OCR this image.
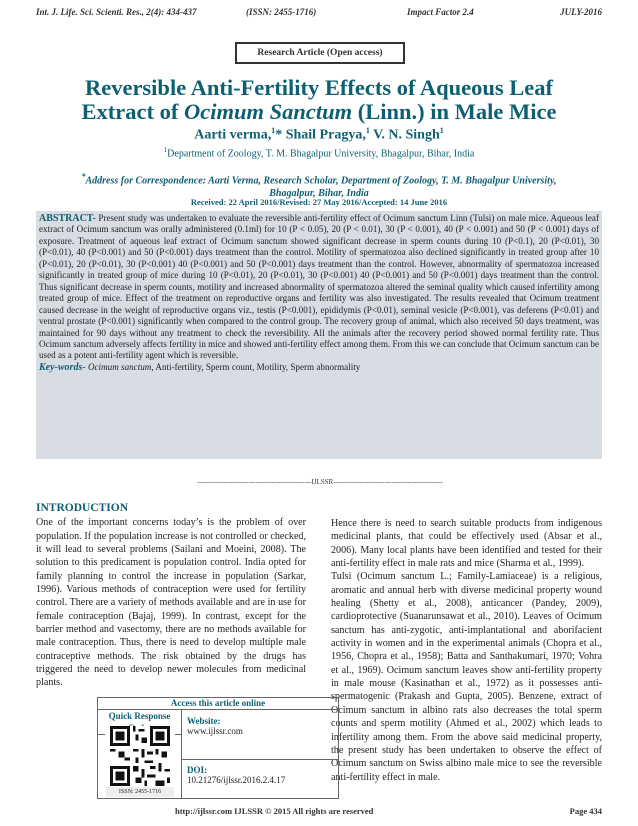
Int. J. Life. Sci. Scienti. Res., 2(4): 434-437	(ISSN: 2455-1716)	Impact Factor 2.4	JULY-2016
Research Article (Open access)
Reversible Anti-Fertility Effects of Aqueous Leaf
Extract of Ocimum Sanctum (Linn.) in Male Mice
Aarti verma,$^1$* Shail Pragya,$^1$ V. N. Singh$^1$
$^1$Department of Zoology, T. M. Bhagalpur University, Bhagalpur, Bihar, India
*Address for Correspondence: Aarti Verma, Research Scholar, Department of Zoology, T. M. Bhagalpur University,
Bhagalpur, Bihar, India
Received: 22 April 2016/Revised: 27 May 2016/Accepted: 14 June 2016
ABSTRACT- Present study was undertaken to evaluate the reversible anti-fertility effect of Ocimum sanctum Linn (Tulsi) on male mice. Aqueous leaf extract of Ocimum sanctum was orally administered (0.1ml) for 10 (P < 0.05), 20 (P < 0.01), 30 (P < 0.001), 40 (P < 0.001) and 50 (P < 0.001) days of exposure. Treatment of aqueous leaf extract of Ocimum sanctum showed significant decrease in sperm counts during 10 (P<0.1), 20 (P<0.01), 30 (P<0.01), 40 (P<0.001) and 50 (P<0.001) days treatment than the control. Motility of spermatozoa also declined significantly in treated group after 10 (P<0.01), 20 (P<0.01), 30 (P<0.001) 40 (P<0.001) and 50 (P<0.001) days treatment than the control. However, abnormality of spermatozoa increased significantly in treated group of mice during 10 (P<0.01), 20 (P<0.01), 30 (P<0.001) 40 (P<0.001) and 50 (P<0.001) days treatment than the control. Thus significant decrease in sperm counts, motility and increased abnormality of spermatozoa altered the seminal quality which caused infertility among treated group of mice. Effect of the treatment on reproductive organs and fertility was also investigated. The results revealed that Ocimum treatment caused decrease in the weight of reproductive organs viz., testis (P<0.001), epididymis (P<0.01), seminal vesicle (P<0.001), vas deferens (P<0.01) and ventral prostate (P<0.001) significantly when compared to the control group. The recovery group of animal, which also received 50 days treatment, was maintained for 90 days without any treatment to check the reversibility. All the animals after the recovery period showed normal fertility rate. Thus Ocimum sanctum adversely affects fertility in mice and showed anti-fertility effect among them. From this we can conclude that Ocimum sanctum can be used as a potent anti-fertility agent which is reversible.
Key-words- Ocimum sanctum, Anti-fertility, Sperm count, Motility, Sperm abnormality
-------------------------------------------------IJLSSR-----------------------------------------------
INTRODUCTION
One of the important concerns today’s is the problem of over population. If the population increase is not controlled or checked, it will lead to several problems (Sailani and Moeini, 2008). The solution to this predicament is population control. India opted for family planning to control the increase in population (Sarkar, 1996). Various methods of contraception were used for fertility control. There are a variety of methods available and are in use for female contraception (Bajaj, 1999). In contrast, except for the barrier method and vasectomy, there are no methods available for male contraception. Thus, there is need to develop multiple male contraceptive methods. The risk obtained by the drugs has triggered the need to develop newer molecules from medicinal plants.
Hence there is need to search suitable products from indigenous medicinal plants, that could be effectively used (Absar et al., 2006). Many local plants have been identified and tested for their anti-fertility effect in male rats and mice (Sharma et al., 1999).
Tulsi (Ocimum sanctum L.; Family-Lamiaceae) is a religious, aromatic and annual herb with diverse medicinal property wound healing (Shetty et al., 2008), anticancer (Pandey, 2009), cardioprotective (Suanarunsawat et al., 2010). Leaves of Ocimum sanctum has anti-zygotic, anti-implantational and aborifacient activity in women and in the experimental animals (Chopra et al., 1956, Chopra et al., 1958); Batta and Santhakumari, 1970; Vohra et al., 1969). Ocimum sanctum leaves show anti-fertility property in male mouse (Kasinathan et al., 1972) as it possesses anti-spermatogenic (Prakash and Gupta, 2005). Benzene, extract of Ocimum sanctum in albino rats also decreases the total sperm counts and sperm motility (Ahmed et al., 2002) which leads to infertility among them. From the above said medicinal property, the present study has been undertaken to observe the effect of Ocimum sanctum on Swiss albino male mice to see the reversible anti-fertility effect in male.
Access this article online
Quick Response
ISSN: 2455-1716
Website:
www.ijlssr.com
DOI:
10.21276/ijlssr.2016.2.4.17
http://ijlssr.com IJLSSR © 2015 All rights are reserved	Page 434
